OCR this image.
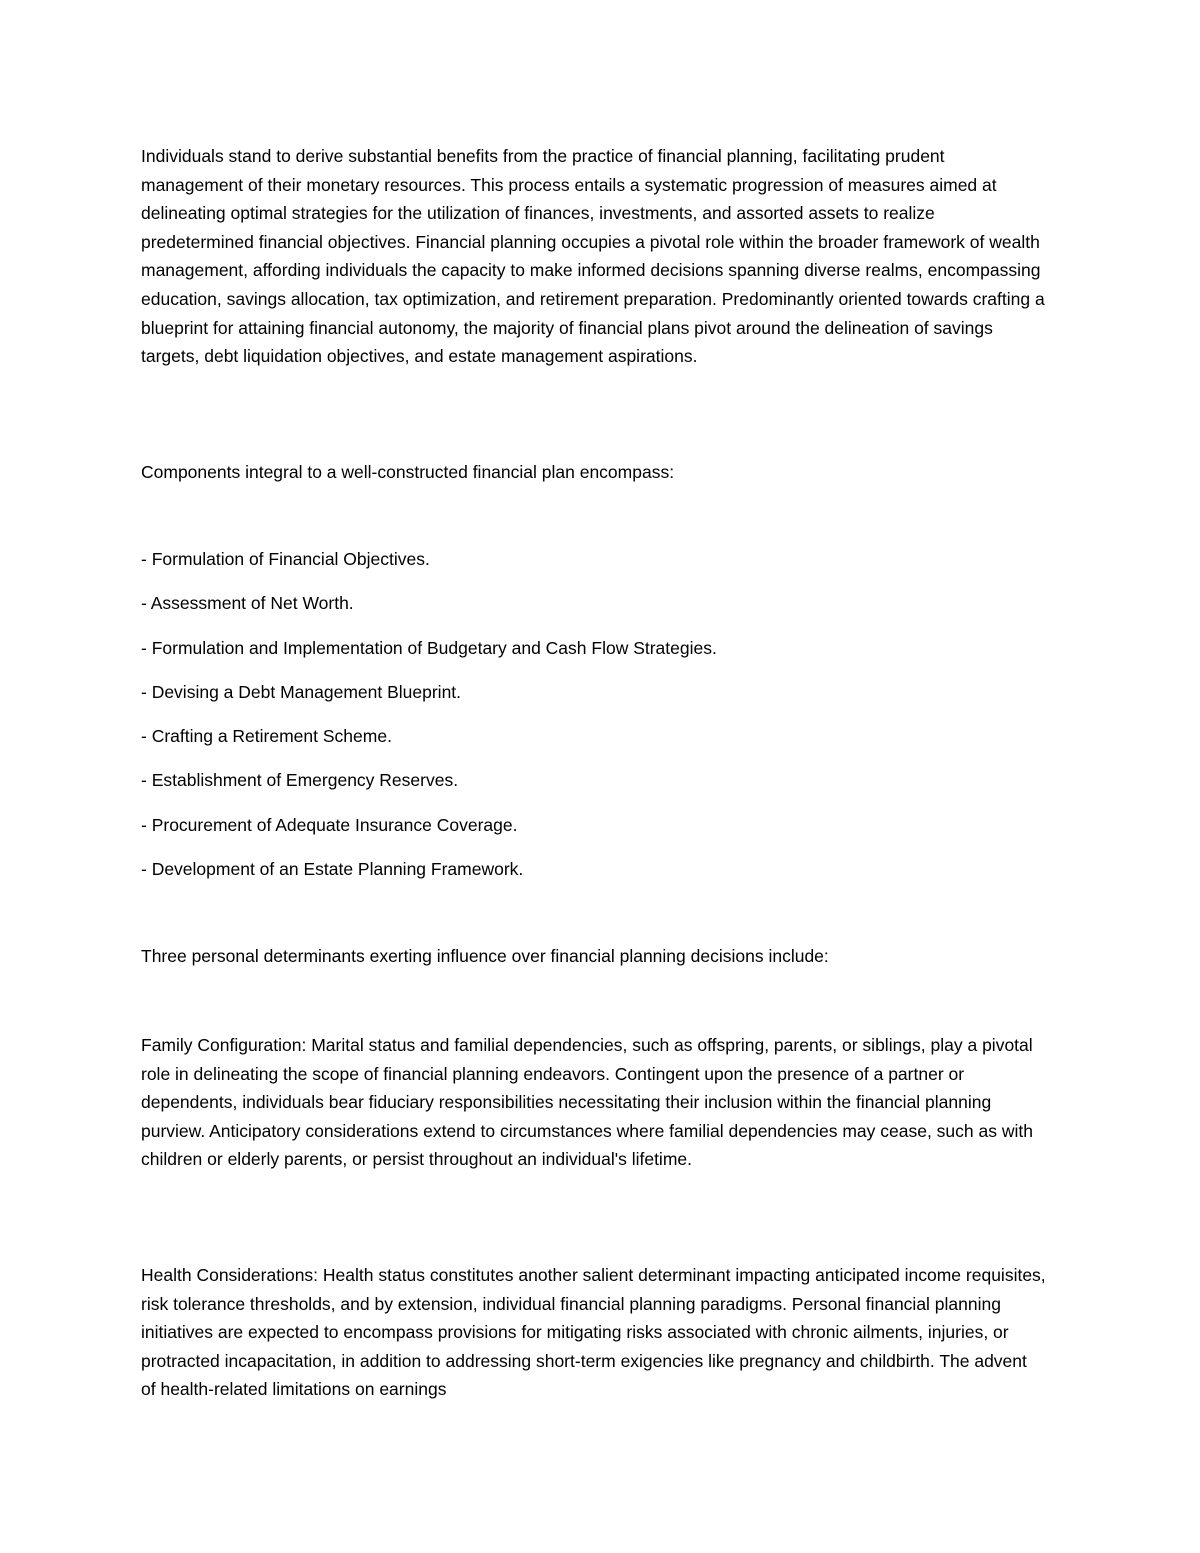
Individuals stand to derive substantial benefits from the practice of financial planning, facilitating prudent management of their monetary resources. This process entails a systematic progression of measures aimed at delineating optimal strategies for the utilization of finances, investments, and assorted assets to realize predetermined financial objectives. Financial planning occupies a pivotal role within the broader framework of wealth management, affording individuals the capacity to make informed decisions spanning diverse realms, encompassing education, savings allocation, tax optimization, and retirement preparation. Predominantly oriented towards crafting a blueprint for attaining financial autonomy, the majority of financial plans pivot around the delineation of savings targets, debt liquidation objectives, and estate management aspirations.

Components integral to a well-constructed financial plan encompass:

- Formulation of Financial Objectives.
- Assessment of Net Worth.
- Formulation and Implementation of Budgetary and Cash Flow Strategies.
- Devising a Debt Management Blueprint.
- Crafting a Retirement Scheme.
- Establishment of Emergency Reserves.
- Procurement of Adequate Insurance Coverage.
- Development of an Estate Planning Framework.

Three personal determinants exerting influence over financial planning decisions include:

Family Configuration: Marital status and familial dependencies, such as offspring, parents, or siblings, play a pivotal role in delineating the scope of financial planning endeavors. Contingent upon the presence of a partner or dependents, individuals bear fiduciary responsibilities necessitating their inclusion within the financial planning purview. Anticipatory considerations extend to circumstances where familial dependencies may cease, such as with children or elderly parents, or persist throughout an individual's lifetime.

Health Considerations: Health status constitutes another salient determinant impacting anticipated income requisites, risk tolerance thresholds, and by extension, individual financial planning paradigms. Personal financial planning initiatives are expected to encompass provisions for mitigating risks associated with chronic ailments, injuries, or protracted incapacitation, in addition to addressing short-term exigencies like pregnancy and childbirth. The advent of health-related limitations on earnings
